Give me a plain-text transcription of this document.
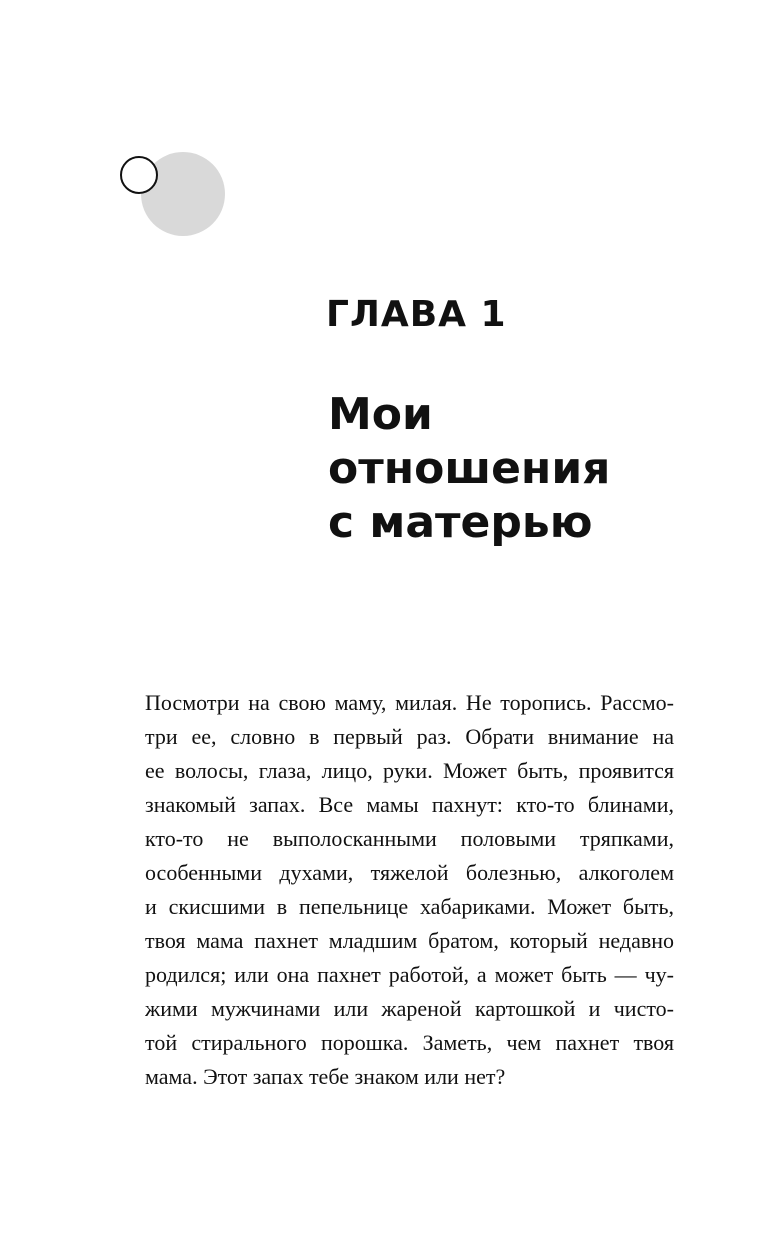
ГЛАВА 1
Мои
отношения
с матерью
Посмотри на свою маму, милая. Не торопись. Рассмо-
три ее, словно в первый раз. Обрати внимание на
ее волосы, глаза, лицо, руки. Может быть, проявится
знакомый запах. Все мамы пахнут: кто-то блинами,
кто-то не выполосканными половыми тряпками,
особенными духами, тяжелой болезнью, алкоголем
и скисшими в пепельнице хабариками. Может быть,
твоя мама пахнет младшим братом, который недавно
родился; или она пахнет работой, а может быть — чу-
жими мужчинами или жареной картошкой и чисто-
той стирального порошка. Заметь, чем пахнет твоя
мама. Этот запах тебе знаком или нет?
